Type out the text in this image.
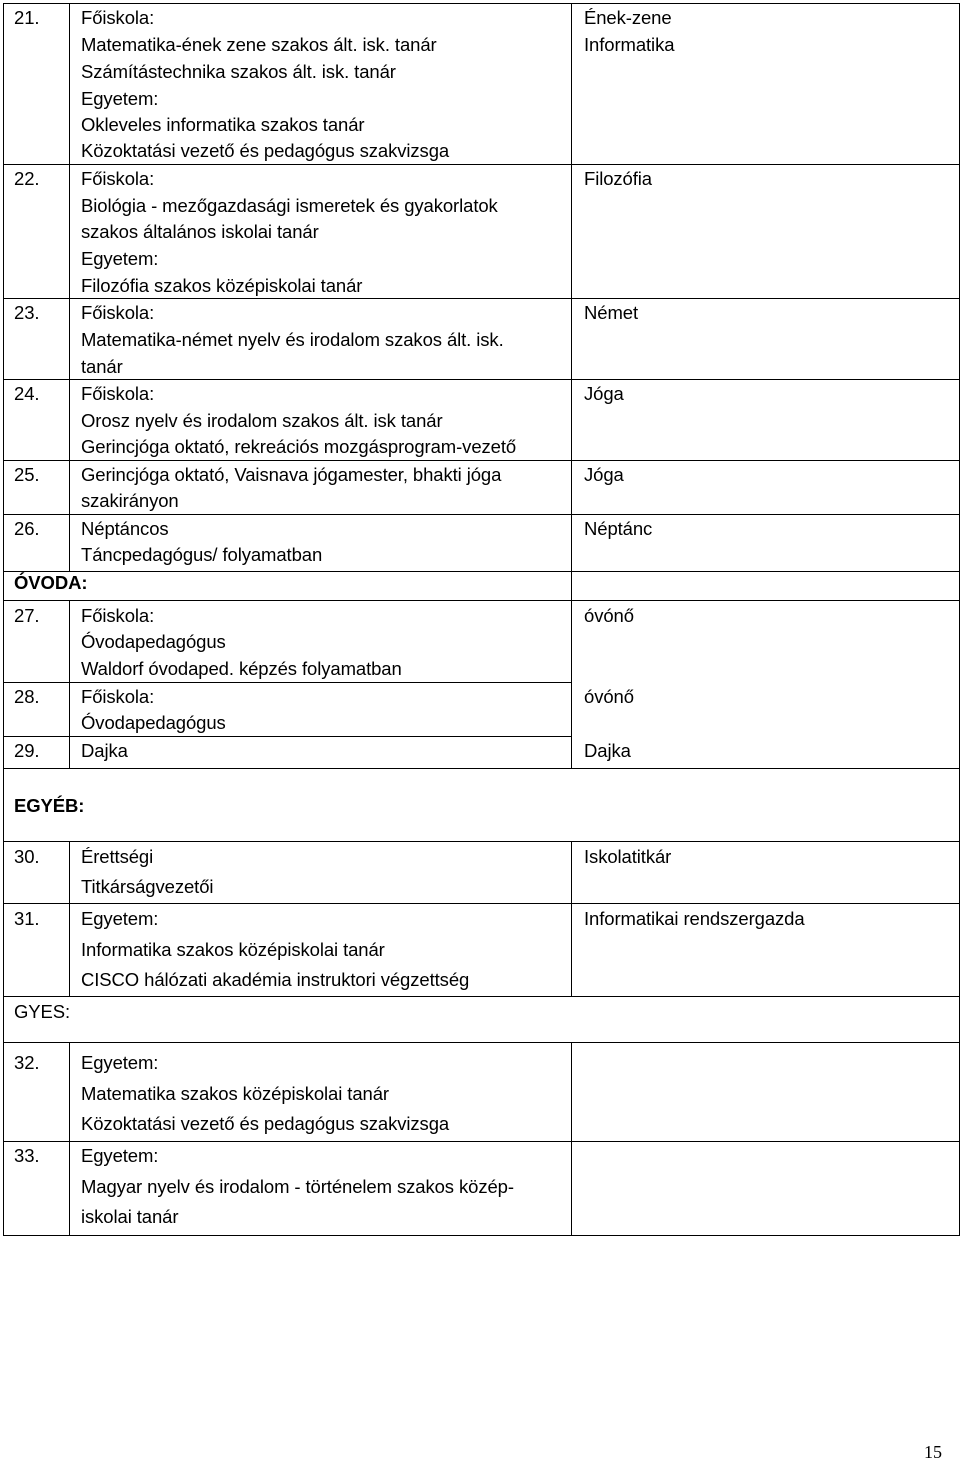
21. Főiskola:
Matematika-ének zene szakos ált. isk. tanár
Számítástechnika szakos ált. isk. tanár
Egyetem:
Okleveles informatika szakos tanár
Közoktatási vezető és pedagógus szakvizsga
Ének-zene
Informatika
22. Főiskola:
Biológia - mezőgazdasági ismeretek és gyakorlatok
szakos általános iskolai tanár
Egyetem:
Filozófia szakos középiskolai tanár
Filozófia
23. Főiskola:
Matematika-német nyelv és irodalom szakos ált. isk.
tanár
Német
24. Főiskola:
Orosz nyelv és irodalom szakos ált. isk tanár
Gerincjóga oktató, rekreációs mozgásprogram-vezető
Jóga
25. Gerincjóga oktató, Vaisnava jógamester, bhakti jóga
szakirányon
Jóga
26. Néptáncos
Táncpedagógus/ folyamatban
Néptánc
ÓVODA:
27. Főiskola:
Óvodapedagógus
Waldorf óvodaped. képzés folyamatban
óvónő
28. Főiskola:
Óvodapedagógus
óvónő
29. Dajka	Dajka
EGYÉB:
30. Érettségi
Titkárságvezetői
Iskolatitkár
31. Egyetem:
Informatika szakos középiskolai tanár
CISCO hálózati akadémia instruktori végzettség
Informatikai rendszergazda
GYES:
32. Egyetem:
Matematika szakos középiskolai tanár
Közoktatási vezető és pedagógus szakvizsga
33. Egyetem:
Magyar nyelv és irodalom - történelem szakos közép-
iskolai tanár
15
